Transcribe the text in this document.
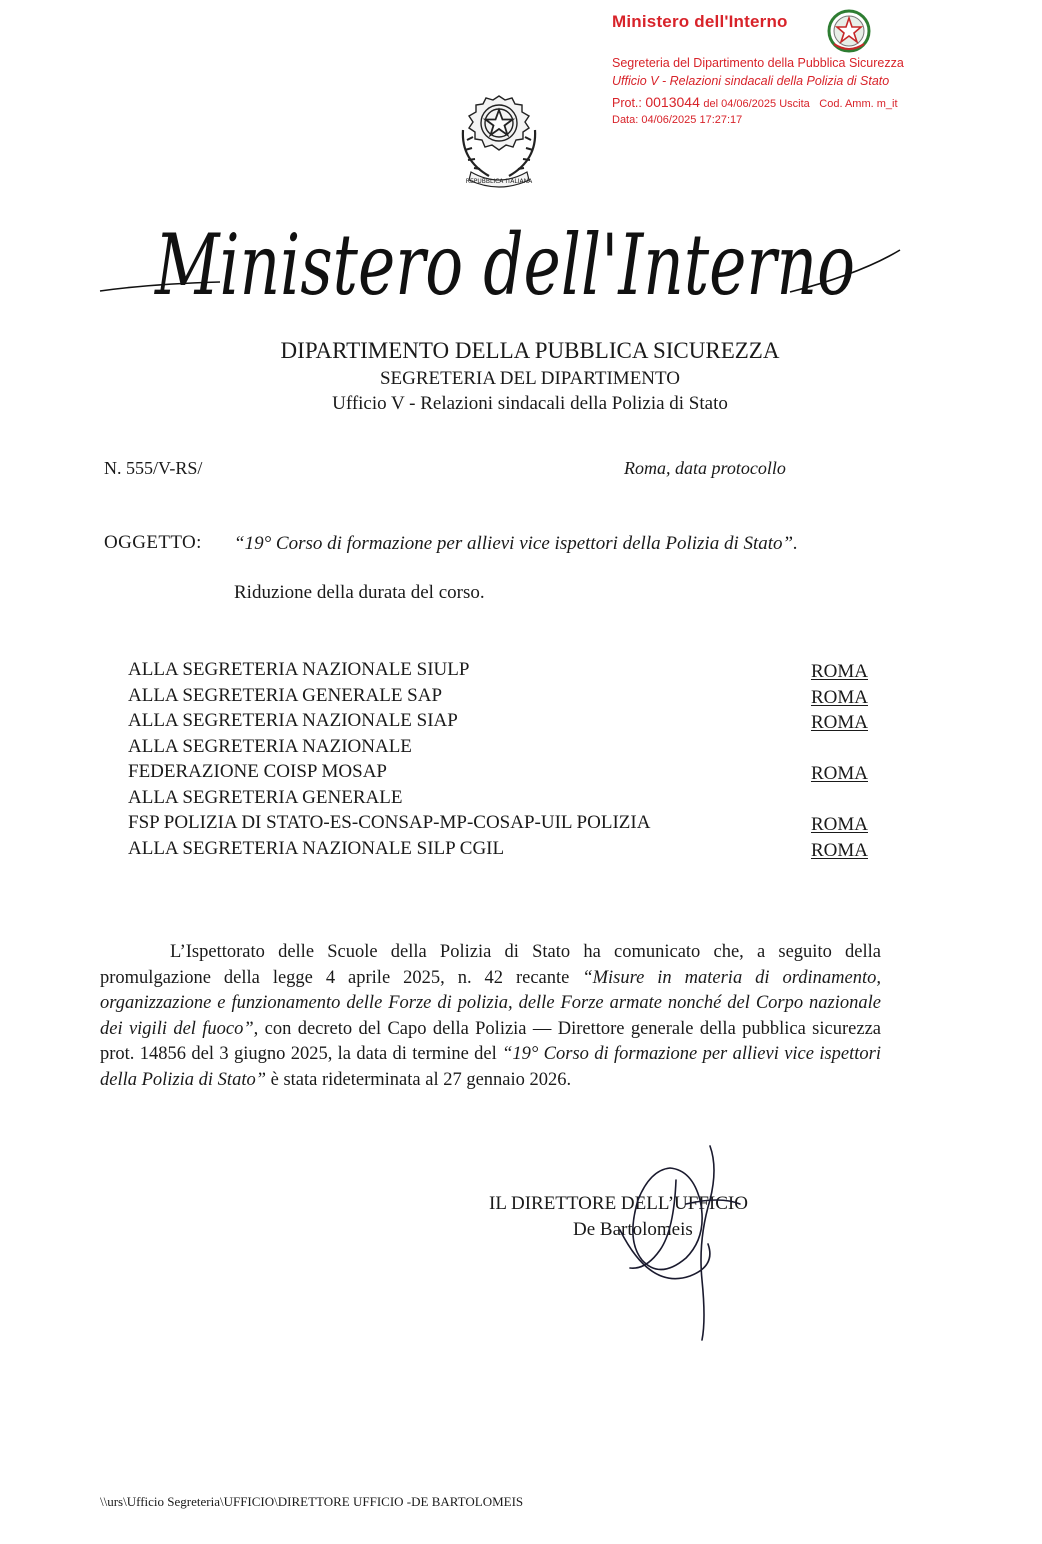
Ministero dell'Interno
Segreteria del Dipartimento della Pubblica Sicurezza
Ufficio V - Relazioni sindacali della Polizia di Stato
Prot.: 0013044 del 04/06/2025 Uscita Cod. Amm. m_it
Data: 04/06/2025 17:27:17
REPUBBLICA ITALIANA
Ministero dell'Interno
DIPARTIMENTO DELLA PUBBLICA SICUREZZA
SEGRETERIA DEL DIPARTIMENTO
Ufficio V - Relazioni sindacali della Polizia di Stato
N. 555/V-RS/	Roma, data protocollo
OGGETTO: “19° Corso di formazione per allievi vice ispettori della Polizia di Stato”.
Riduzione della durata del corso.
ALLA SEGRETERIA NAZIONALE SIULP	ROMA
ALLA SEGRETERIA GENERALE SAP	ROMA
ALLA SEGRETERIA NAZIONALE SIAP	ROMA
ALLA SEGRETERIA NAZIONALE
FEDERAZIONE COISP MOSAP	ROMA
ALLA SEGRETERIA GENERALE
FSP POLIZIA DI STATO-ES-CONSAP-MP-COSAP-UIL POLIZIA	ROMA
ALLA SEGRETERIA NAZIONALE SILP CGIL	ROMA
L’Ispettorato delle Scuole della Polizia di Stato ha comunicato che, a seguito della promulgazione della legge 4 aprile 2025, n. 42 recante “Misure in materia di ordinamento, organizzazione e funzionamento delle Forze di polizia, delle Forze armate nonché del Corpo nazionale dei vigili del fuoco”, con decreto del Capo della Polizia — Direttore generale della pubblica sicurezza prot. 14856 del 3 giugno 2025, la data di termine del “19° Corso di formazione per allievi vice ispettori della Polizia di Stato” è stata rideterminata al 27 gennaio 2026.
IL DIRETTORE DELL’UFFICIO
De Bartolomeis
\\urs\Ufficio Segreteria\UFFICIO\DIRETTORE UFFICIO -DE BARTOLOMEIS
